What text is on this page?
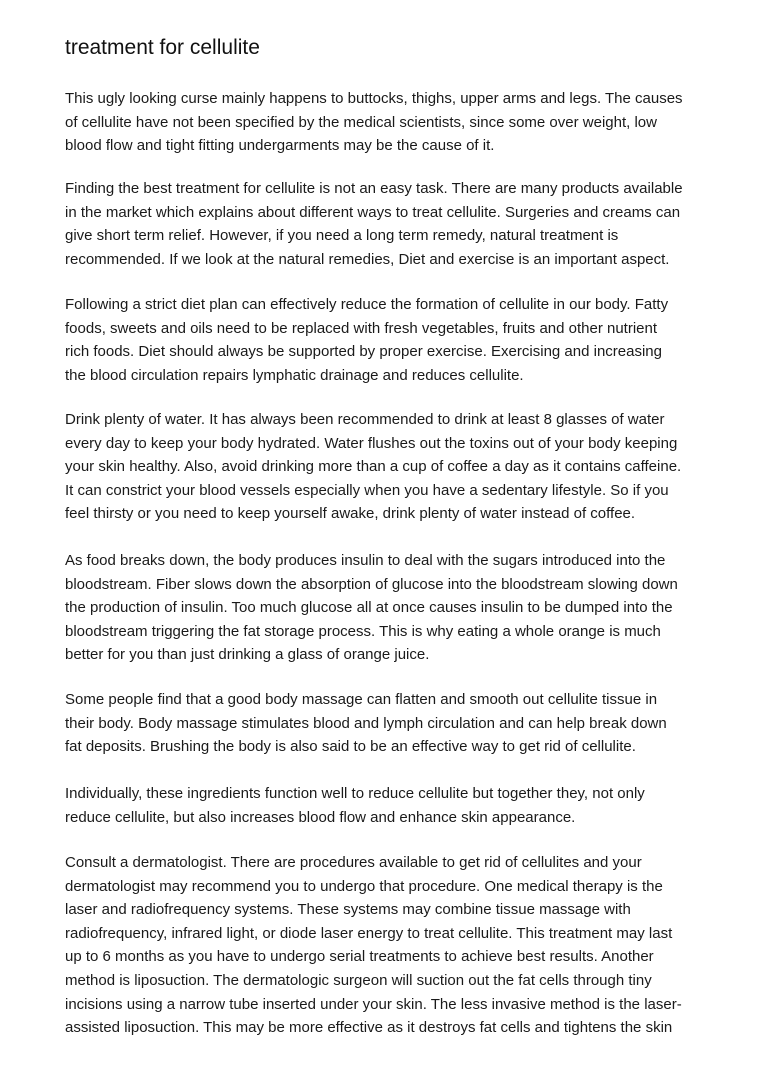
treatment for cellulite

This ugly looking curse mainly happens to buttocks, thighs, upper arms and legs. The causes
of cellulite have not been specified by the medical scientists, since some over weight, low
blood flow and tight fitting undergarments may be the cause of it.

Finding the best treatment for cellulite is not an easy task. There are many products available
in the market which explains about different ways to treat cellulite. Surgeries and creams can
give short term relief. However, if you need a long term remedy, natural treatment is
recommended. If we look at the natural remedies, Diet and exercise is an important aspect.

Following a strict diet plan can effectively reduce the formation of cellulite in our body. Fatty
foods, sweets and oils need to be replaced with fresh vegetables, fruits and other nutrient
rich foods. Diet should always be supported by proper exercise. Exercising and increasing
the blood circulation repairs lymphatic drainage and reduces cellulite.

Drink plenty of water. It has always been recommended to drink at least 8 glasses of water
every day to keep your body hydrated. Water flushes out the toxins out of your body keeping
your skin healthy. Also, avoid drinking more than a cup of coffee a day as it contains caffeine.
It can constrict your blood vessels especially when you have a sedentary lifestyle. So if you
feel thirsty or you need to keep yourself awake, drink plenty of water instead of coffee.

As food breaks down, the body produces insulin to deal with the sugars introduced into the
bloodstream. Fiber slows down the absorption of glucose into the bloodstream slowing down
the production of insulin. Too much glucose all at once causes insulin to be dumped into the
bloodstream triggering the fat storage process. This is why eating a whole orange is much
better for you than just drinking a glass of orange juice.

Some people find that a good body massage can flatten and smooth out cellulite tissue in
their body. Body massage stimulates blood and lymph circulation and can help break down
fat deposits. Brushing the body is also said to be an effective way to get rid of cellulite.

Individually, these ingredients function well to reduce cellulite but together they, not only
reduce cellulite, but also increases blood flow and enhance skin appearance.

Consult a dermatologist. There are procedures available to get rid of cellulites and your
dermatologist may recommend you to undergo that procedure. One medical therapy is the
laser and radiofrequency systems. These systems may combine tissue massage with
radiofrequency, infrared light, or diode laser energy to treat cellulite. This treatment may last
up to 6 months as you have to undergo serial treatments to achieve best results. Another
method is liposuction. The dermatologic surgeon will suction out the fat cells through tiny
incisions using a narrow tube inserted under your skin. The less invasive method is the laser-
assisted liposuction. This may be more effective as it destroys fat cells and tightens the skin
